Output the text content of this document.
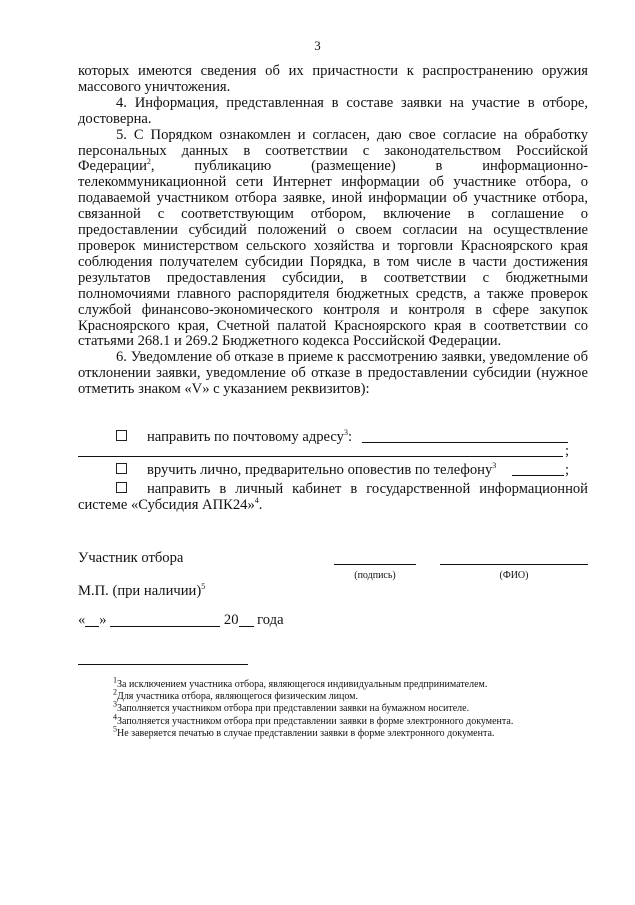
3

которых имеются сведения об их причастности к распространению оружия массового уничтожения.

4. Информация, представленная в составе заявки на участие в отборе, достоверна.

5. С Порядком ознакомлен и согласен, даю свое согласие на обработку персональных данных в соответствии с законодательством Российской Федерации$^2$, публикацию (размещение) в информационно-телекоммуникационной сети Интернет информации об участнике отбора, о подаваемой участником отбора заявке, иной информации об участнике отбора, связанной с соответствующим отбором, включение в соглашение о предоставлении субсидий положений о своем согласии на осуществление проверок министерством сельского хозяйства и торговли Красноярского края соблюдения получателем субсидии Порядка, в том числе в части достижения результатов предоставления субсидии, в соответствии с бюджетными полномочиями главного распорядителя бюджетных средств, а также проверок службой финансово-экономического контроля и контроля в сфере закупок Красноярского края, Счетной палатой Красноярского края в соответствии со статьями 268.1 и 269.2 Бюджетного кодекса Российской Федерации.

6. Уведомление об отказе в приеме к рассмотрению заявки, уведомление об отклонении заявки, уведомление об отказе в предоставлении субсидии (нужное отметить знаком «V» с указанием реквизитов):

направить по почтовому адресу$^3$:
;
вручить лично, предварительно оповестив по телефону$^3$	;

направить в личный кабинет в государственной информационной системе «Субсидия АПК24»$^4$.

Участник отбора
(подпись)	(ФИО)
М.П. (при наличии)$^5$
« »	20 года
$^1$За исключением участника отбора, являющегося индивидуальным предпринимателем.
$^2$Для участника отбора, являющегося физическим лицом.
$^3$Заполняется участником отбора при представлении заявки на бумажном носителе.
$^4$Заполняется участником отбора при представлении заявки в форме электронного документа.
$^5$Не заверяется печатью в случае представлении заявки в форме электронного документа.
